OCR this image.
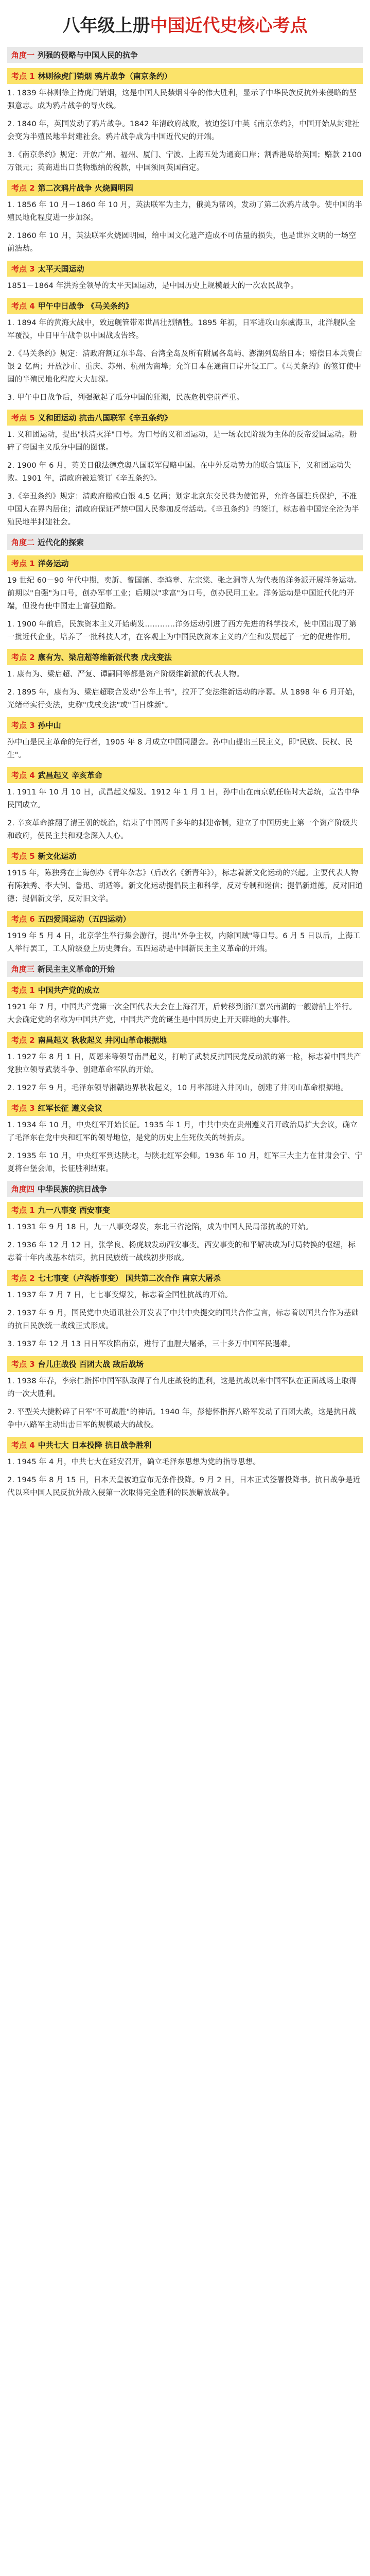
八年级上册中国近代史核心考点
角度一 列强的侵略与中国人民的抗争
考点 1 林则徐虎门销烟 鸦片战争（南京条约）
1. 1839 年林则徐主持虎门销烟，这是中国人民禁烟斗争的伟大胜利，显示了中华民族反抗外来侵略的坚强意志。成为鸦片战争的导火线。
2. 1840 年，英国发动了鸦片战争。1842 年清政府战败，被迫签订中英《南京条约》，中国开始从封建社会变为半殖民地半封建社会。鸦片战争成为中国近代史的开端。
3.《南京条约》规定：开放广州、福州、厦门、宁波、上海五处为通商口岸；割香港岛给英国；赔款 2100 万银元；英商进出口货物缴纳的税款，中国须同英国商定。
考点 2 第二次鸦片战争 火烧圆明园
1. 1856 年 10 月－1860 年 10 月，英法联军为主力，俄美为帮凶，发动了第二次鸦片战争。使中国的半殖民地化程度进一步加深。
2. 1860 年 10 月，英法联军火烧圆明园，给中国文化遗产造成不可估量的损失，也是世界文明的一场空前浩劫。
考点 3 太平天国运动
1851－1864 年洪秀全领导的太平天国运动，是中国历史上规模最大的一次农民战争。
考点 4 甲午中日战争 《马关条约》
1. 1894 年的黄海大战中，致远舰管带邓世昌壮烈牺牲。1895 年初，日军进攻山东威海卫，北洋舰队全军覆没，中日甲午战争以中国战败告终。
2.《马关条约》规定：清政府割辽东半岛、台湾全岛及所有附属各岛屿、澎湖列岛给日本；赔偿日本兵费白银 2 亿两；开放沙市、重庆、苏州、杭州为商埠；允许日本在通商口岸开设工厂。《马关条约》的签订使中国的半殖民地化程度大大加深。
3. 甲午中日战争后，列强掀起了瓜分中国的狂潮，民族危机空前严重。
考点 5 义和团运动 抗击八国联军《辛丑条约》
1. 义和团运动，提出"扶清灭洋"口号。为口号的义和团运动，是一场农民阶级为主体的反帝爱国运动。粉碎了帝国主义瓜分中国的图谋。
2. 1900 年 6 月，英美日俄法德意奥八国联军侵略中国。在中外反动势力的联合镇压下，义和团运动失败。1901 年，清政府被迫签订《辛丑条约》。
3.《辛丑条约》规定：清政府赔款白银 4.5 亿两；划定北京东交民巷为使馆界，允许各国驻兵保护，不准中国人在界内居住；清政府保证严禁中国人民参加反帝活动。《辛丑条约》的签订，标志着中国完全沦为半殖民地半封建社会。
角度二 近代化的探索
考点 1 洋务运动
19 世纪 60－90 年代中期，奕訢、曾国藩、李鸿章、左宗棠、张之洞等人为代表的洋务派开展洋务运动。前期以"自强"为口号，创办军事工业；后期以"求富"为口号，创办民用工业。洋务运动是中国近代化的开端，但没有使中国走上富强道路。
1. 1900 年前后，民族资本主义开始萌发…………洋务运动引进了西方先进的科学技术，使中国出现了第一批近代企业，培养了一批科技人才，在客观上为中国民族资本主义的产生和发展起了一定的促进作用。
考点 2 康有为、梁启超等维新派代表 戊戌变法
1. 康有为、梁启超、严复、谭嗣同等都是资产阶级维新派的代表人物。
2. 1895 年，康有为、梁启超联合发动"公车上书"，拉开了变法维新运动的序幕。从 1898 年 6 月开始，光绪帝实行变法，史称"戊戌变法"或"百日维新"。
考点 3 孙中山
孙中山是民主革命的先行者，1905 年 8 月成立中国同盟会。孙中山提出三民主义，即"民族、民权、民生"。
考点 4 武昌起义 辛亥革命
1. 1911 年 10 月 10 日，武昌起义爆发。1912 年 1 月 1 日，孙中山在南京就任临时大总统，宣告中华民国成立。
2. 辛亥革命推翻了清王朝的统治，结束了中国两千多年的封建帝制，建立了中国历史上第一个资产阶级共和政府，使民主共和观念深入人心。
考点 5 新文化运动
1915 年，陈独秀在上海创办《青年杂志》（后改名《新青年》），标志着新文化运动的兴起。主要代表人物有陈独秀、李大钊、鲁迅、胡适等。新文化运动提倡民主和科学，反对专制和迷信；提倡新道德，反对旧道德；提倡新文学，反对旧文学。
考点 6 五四爱国运动（五四运动）
1919 年 5 月 4 日，北京学生举行集会游行，提出"外争主权，内除国贼"等口号。6 月 5 日以后，上海工人举行罢工，工人阶级登上历史舞台。五四运动是中国新民主主义革命的开端。
角度三 新民主主义革命的开始
考点 1 中国共产党的成立
1921 年 7 月，中国共产党第一次全国代表大会在上海召开，后转移到浙江嘉兴南湖的一艘游船上举行。大会确定党的名称为中国共产党，中国共产党的诞生是中国历史上开天辟地的大事件。
考点 2 南昌起义 秋收起义 井冈山革命根据地
1. 1927 年 8 月 1 日，周恩来等领导南昌起义，打响了武装反抗国民党反动派的第一枪，标志着中国共产党独立领导武装斗争、创建革命军队的开始。
2. 1927 年 9 月，毛泽东领导湘赣边界秋收起义，10 月率部进入井冈山，创建了井冈山革命根据地。
考点 3 红军长征 遵义会议
1. 1934 年 10 月，中央红军开始长征。1935 年 1 月，中共中央在贵州遵义召开政治局扩大会议，确立了毛泽东在党中央和红军的领导地位，是党的历史上生死攸关的转折点。
2. 1935 年 10 月，中央红军到达陕北，与陕北红军会师。1936 年 10 月，红军三大主力在甘肃会宁、宁夏将台堡会师，长征胜利结束。
角度四 中华民族的抗日战争
考点 1 九一八事变 西安事变
1. 1931 年 9 月 18 日，九一八事变爆发，东北三省沦陷，成为中国人民局部抗战的开始。
2. 1936 年 12 月 12 日，张学良、杨虎城发动西安事变。西安事变的和平解决成为时局转换的枢纽，标志着十年内战基本结束，抗日民族统一战线初步形成。
考点 2 七七事变（卢沟桥事变） 国共第二次合作 南京大屠杀
1. 1937 年 7 月 7 日，七七事变爆发，标志着全国性抗战的开始。
2. 1937 年 9 月，国民党中央通讯社公开发表了中共中央提交的国共合作宣言，标志着以国共合作为基础的抗日民族统一战线正式形成。
3. 1937 年 12 月 13 日日军攻陷南京，进行了血腥大屠杀，三十多万中国军民遇难。
考点 3 台儿庄战役 百团大战 敌后战场
1. 1938 年春，李宗仁指挥中国军队取得了台儿庄战役的胜利，这是抗战以来中国军队在正面战场上取得的一次大胜利。
2. 平型关大捷粉碎了日军"不可战胜"的神话。1940 年，彭德怀指挥八路军发动了百团大战，这是抗日战争中八路军主动出击日军的规模最大的战役。
考点 4 中共七大 日本投降 抗日战争胜利
1. 1945 年 4 月，中共七大在延安召开，确立毛泽东思想为党的指导思想。
2. 1945 年 8 月 15 日，日本天皇被迫宣布无条件投降。9 月 2 日，日本正式签署投降书。抗日战争是近代以来中国人民反抗外敌入侵第一次取得完全胜利的民族解放战争。
